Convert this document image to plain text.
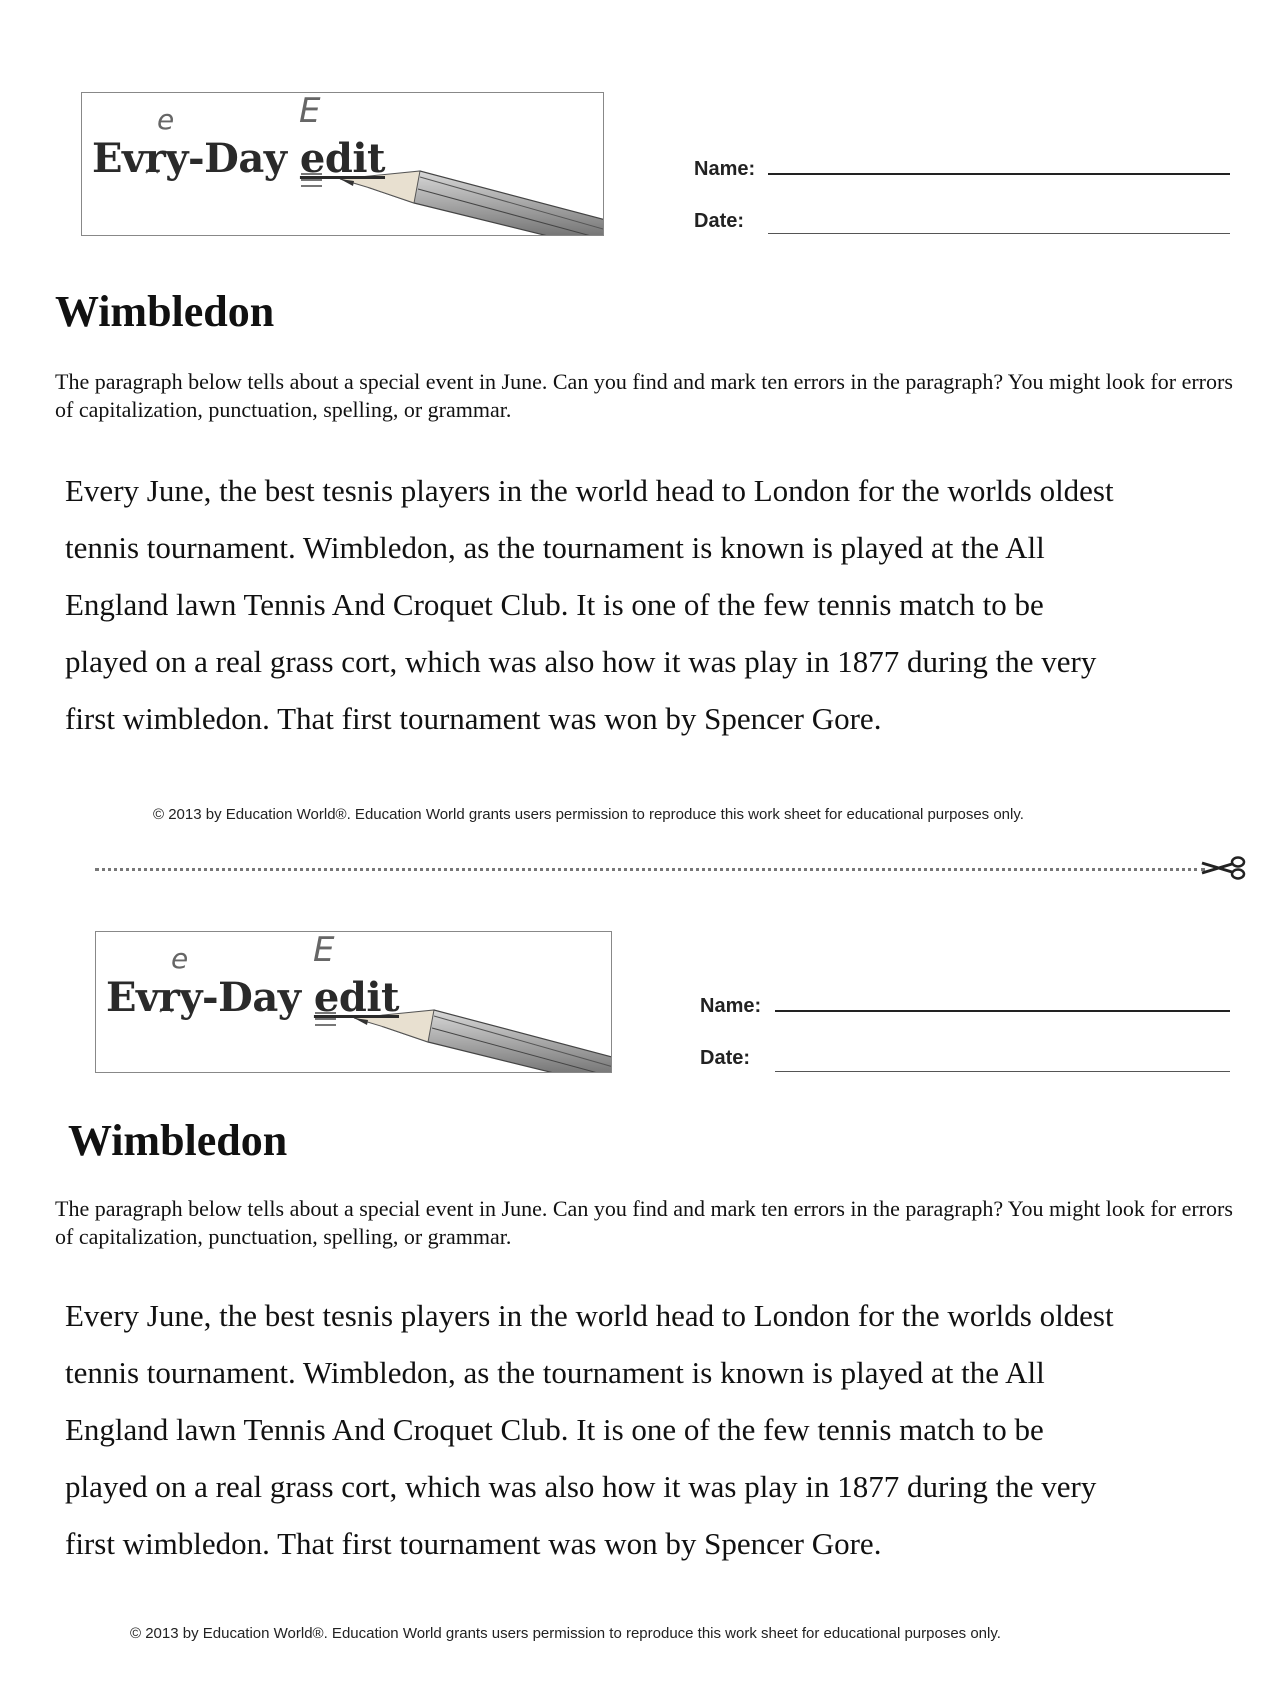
e	E
Evry-Day edit	Name:
Date:
Wimbledon

The paragraph below tells about a special event in June. Can you find and mark ten errors in the paragraph? You might look for errors of capitalization, punctuation, spelling, or grammar.

Every June, the best tesnis players in the world head to London for the worlds oldest
tennis tournament. Wimbledon, as the tournament is known is played at the All
England lawn Tennis And Croquet Club. It is one of the few tennis match to be
played on a real grass cort, which was also how it was play in 1877 during the very
first wimbledon. That first tournament was won by Spencer Gore.
© 2013 by Education World®. Education World grants users permission to reproduce this work sheet for educational purposes only.
e	E
Evry-Day edit	Name:
Date:
Wimbledon

The paragraph below tells about a special event in June. Can you find and mark ten errors in the paragraph? You might look for errors of capitalization, punctuation, spelling, or grammar.

Every June, the best tesnis players in the world head to London for the worlds oldest
tennis tournament. Wimbledon, as the tournament is known is played at the All
England lawn Tennis And Croquet Club. It is one of the few tennis match to be
played on a real grass cort, which was also how it was play in 1877 during the very
first wimbledon. That first tournament was won by Spencer Gore.
© 2013 by Education World®. Education World grants users permission to reproduce this work sheet for educational purposes only.
